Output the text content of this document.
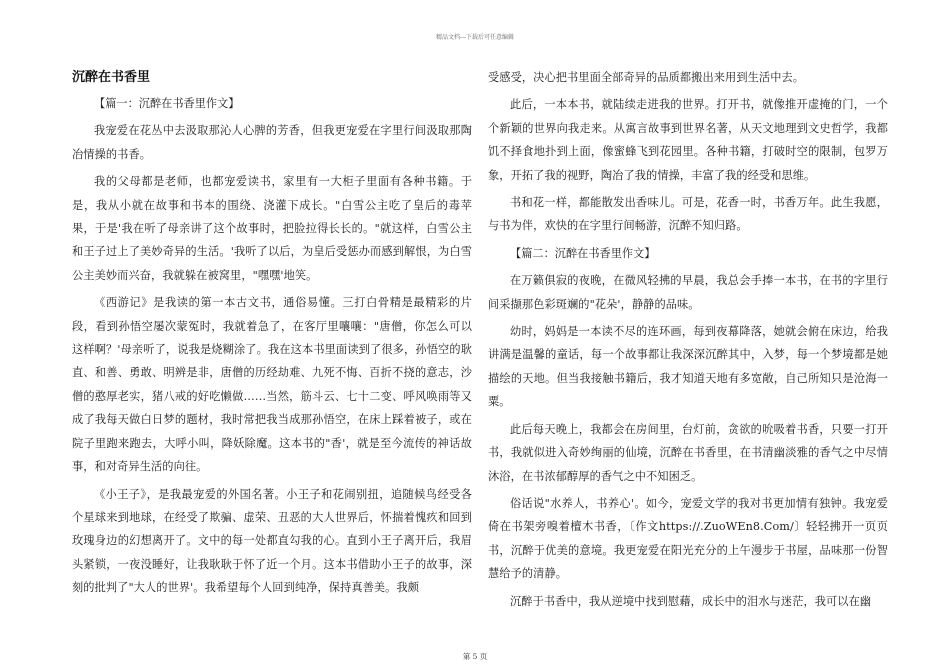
精品文档---下载后可任意编辑
沉醉在书香里
【篇一：沉醉在书香里作文】

我宠爱在花丛中去汲取那沁人心脾的芳香，但我更宠爱在字里行间汲取那陶冶情操的书香。

我的父母都是老师，也都宠爱读书，家里有一大柜子里面有各种书籍。于是，我从小就在故事和书本的围绕、浇灌下成长。"白雪公主吃了皇后的毒苹果，于是'我在听了母亲讲了这个故事时，把脸拉得长长的。"就这样，白雪公主和王子过上了美妙奇异的生活。'我听了以后，为皇后受惩办而感到解恨，为白雪公主美妙而兴奋，我就躲在被窝里，"嘿嘿'地笑。

《西游记》是我读的第一本古文书，通俗易懂。三打白骨精是最精彩的片段，看到孙悟空屡次蒙冤时，我就着急了，在客厅里嚷嚷："唐僧，你怎么可以这样啊？'母亲听了，说我是烧糊涂了。我在这本书里面读到了很多，孙悟空的耿直、和善、勇敢、明辨是非，唐僧的历经劫难、九死不悔、百折不挠的意志，沙僧的憨厚老实，猪八戒的好吃懒做……当然，筋斗云、七十二变、呼风唤雨等又成了我每天做白日梦的题材，我时常把我当成那孙悟空，在床上踩着被子，或在院子里跑来跑去，大呼小叫，降妖除魔。这本书的"香'，就是至今流传的神话故事，和对奇异生活的向往。

《小王子》，是我最宠爱的外国名著。小王子和花闹别扭，追随候鸟经受各个星球来到地球，在经受了欺骗、虚荣、丑恶的大人世界后，怀揣着愧疚和回到玫瑰身边的幻想离开了。文中的每一处都直勾我的心。直到小王子离开后，我眉头紧锁，一夜没睡好，让我耿耿于怀了近一个月。这本书借助小王子的故事，深刻的批判了"大人的世界'。我希望每个人回到纯净，保持真善美。我颇

受感受，决心把书里面全部奇异的品质都搬出来用到生活中去。

此后，一本本书，就陆续走进我的世界。打开书，就像推开虚掩的门，一个个新颖的世界向我走来。从寓言故事到世界名著，从天文地理到文史哲学，我都饥不择食地扑到上面，像蜜蜂飞到花园里。各种书籍，打破时空的限制，包罗万象，开拓了我的视野，陶冶了我的情操，丰富了我的经受和思维。

书和花一样，都能散发出香味儿。可是，花香一时，书香万年。此生我愿，与书为伴，欢快的在字里行间畅游，沉醉不知归路。

【篇二：沉醉在书香里作文】

在万籁俱寂的夜晚，在微风轻拂的早晨，我总会手捧一本书，在书的字里行间采撷那色彩斑斓的"花朵'，静静的品味。

幼时，妈妈是一本读不尽的连环画，每到夜幕降落，她就会俯在床边，给我讲满是温馨的童话，每一个故事都让我深深沉醉其中，入梦，每一个梦境都是她描绘的天地。但当我接触书籍后，我才知道天地有多宽敞，自己所知只是沧海一粟。

此后每天晚上，我都会在房间里，台灯前，贪欲的吮吸着书香，只要一打开书，我就似进入奇妙绚丽的仙境，沉醉在书香里，在书清幽淡雅的香气之中尽情沐浴，在书浓郁醇厚的香气之中不知困乏。

俗话说"水养人，书养心'。如今，宠爱文学的我对书更加情有独钟。我宠爱倚在书架旁嗅着檀木书香，〔作文https://.ZuoWEn8.Com/〕轻轻拂开一页页书，沉醉于优美的意境。我更宠爱在阳光充分的上午漫步于书屋，品味那一份智慧给予的清静。

沉醉于书香中，我从逆境中找到慰藉，成长中的泪水与迷茫，我可以在幽

第 5 页
